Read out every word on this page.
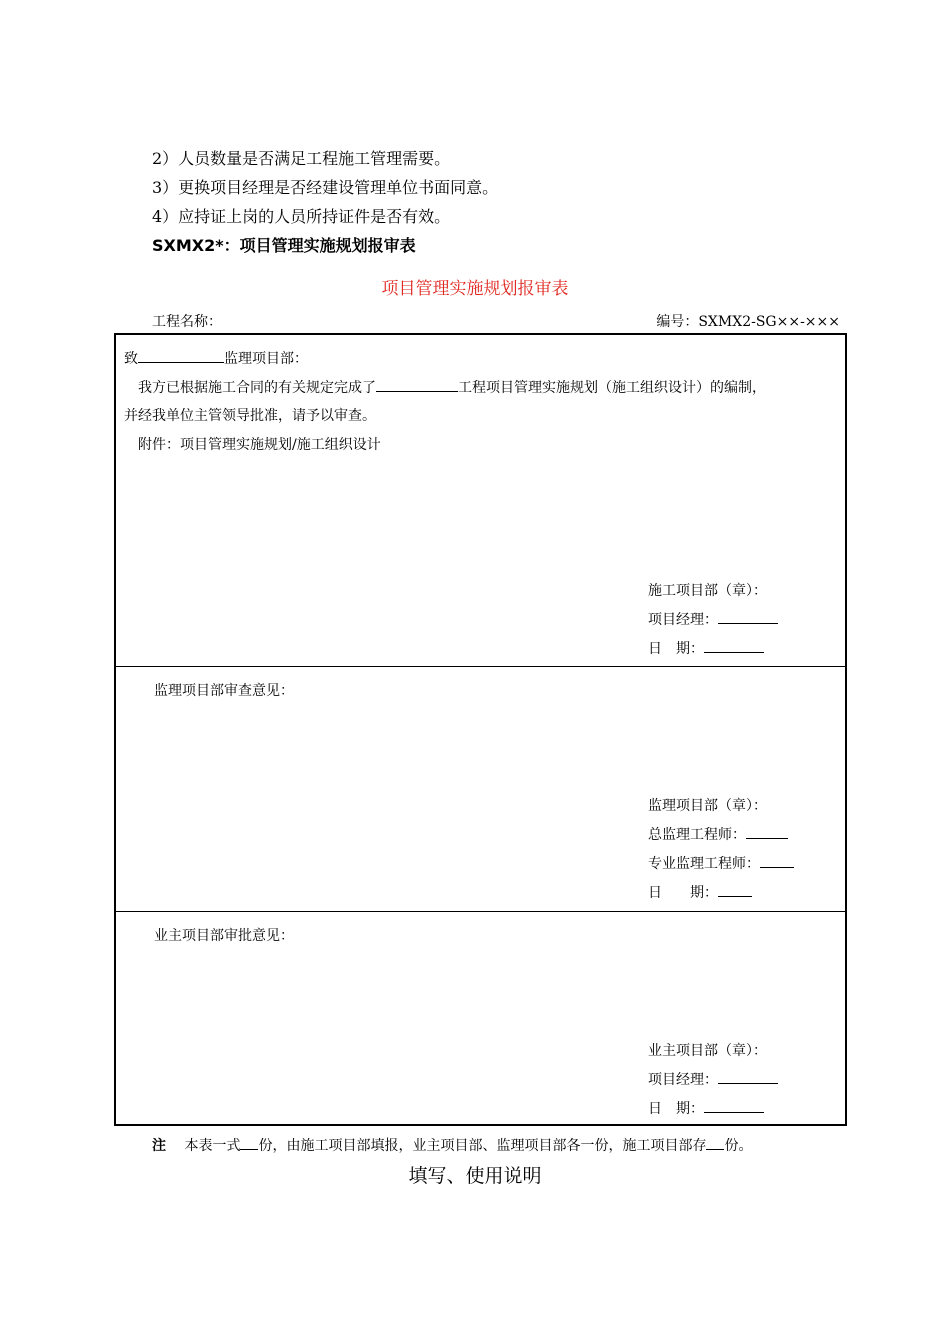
2）人员数量是否满足工程施工管理需要。
3）更换项目经理是否经建设管理单位书面同意。
4）应持证上岗的人员所持证件是否有效。
SXMX2*：项目管理实施规划报审表
项目管理实施规划报审表
工程名称：	编号：SXMX2-SG××-×××
致	监理项目部：
我方已根据施工合同的有关规定完成了	工程项目管理实施规划（施工组织设计）的编制，
并经我单位主管领导批准，请予以审查。
附件：项目管理实施规划/施工组织设计
施工项目部（章）：
项目经理：
日　期：
监理项目部审查意见：
监理项目部（章）：
总监理工程师：
专业监理工程师：
日　　期：
业主项目部审批意见：
业主项目部（章）：
项目经理：
日　期：
注　 本表一式 份，由施工项目部填报，业主项目部、监理项目部各一份，施工项目部存 份。
填写、使用说明
